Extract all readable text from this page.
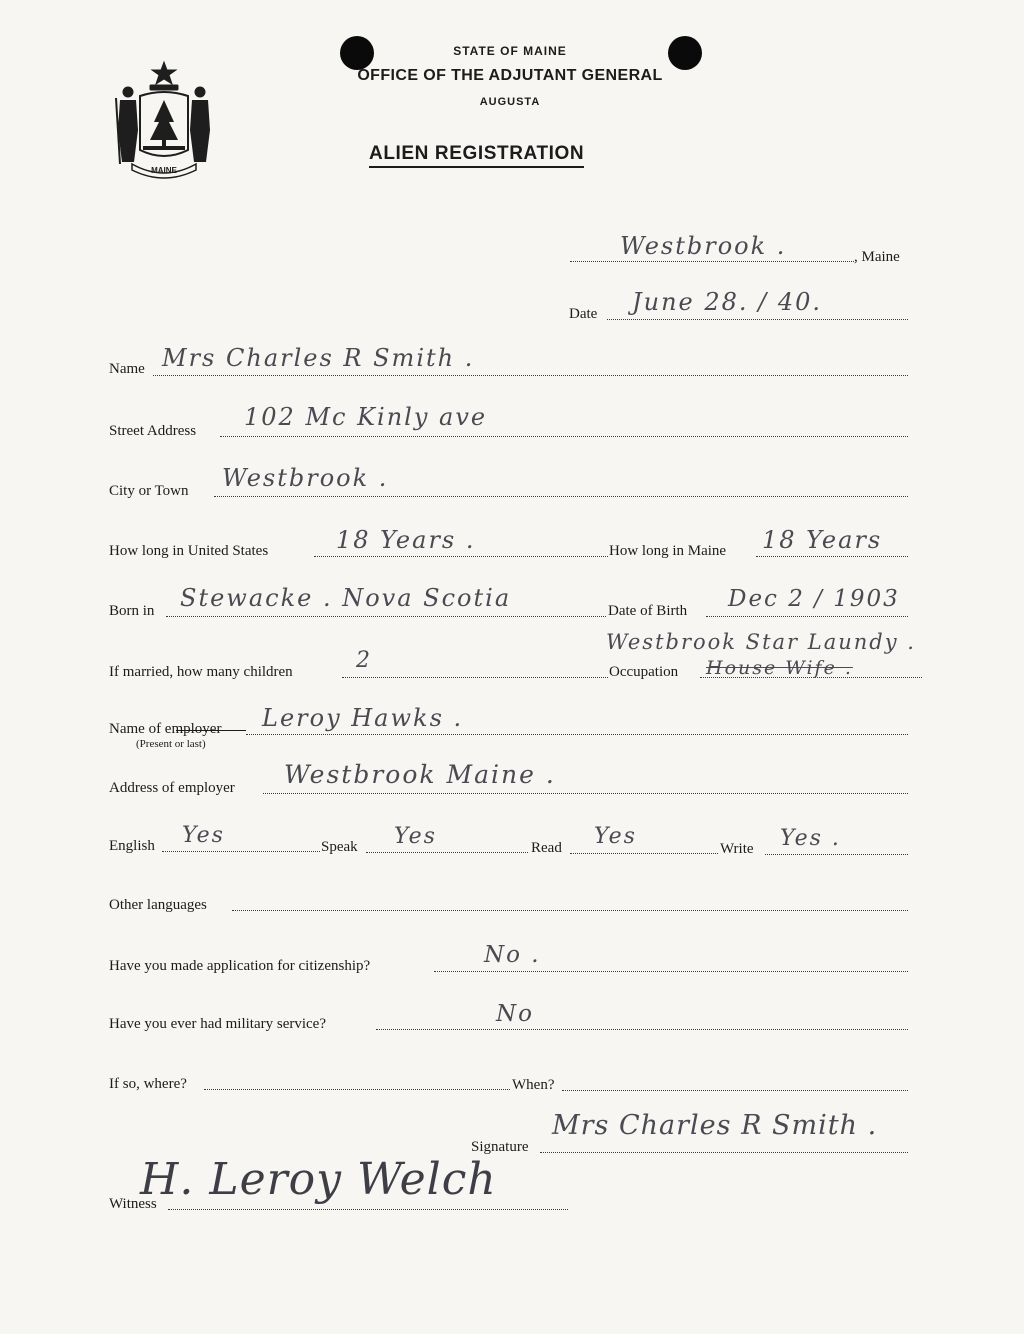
MAINE
STATE OF MAINE
OFFICE OF THE ADJUTANT GENERAL
AUGUSTA
ALIEN REGISTRATION
Westbrook .	, Maine
Date June 28. / 40.
Name Mrs Charles R Smith .
Street Address 102 Mc Kinly ave
City or Town Westbrook .
How long in United States	18 Years .	How long in Maine 18 Years
Born in Stewacke . Nova Scotia	Date of Birth Dec 2 / 1903
If married, how many children	2	Occupation
Westbrook Star Laundy .
House Wife .
Name of employer
(Present or last)
Leroy Hawks .
Address of employer Westbrook Maine .
English Yes	Speak Yes	Read Yes	Write Yes .
Other languages
Have you made application for citizenship?	No .
Have you ever had military service?	No
If so, where?	When?
Signature
Mrs Charles R Smith .
Witness
H. Leroy Welch
